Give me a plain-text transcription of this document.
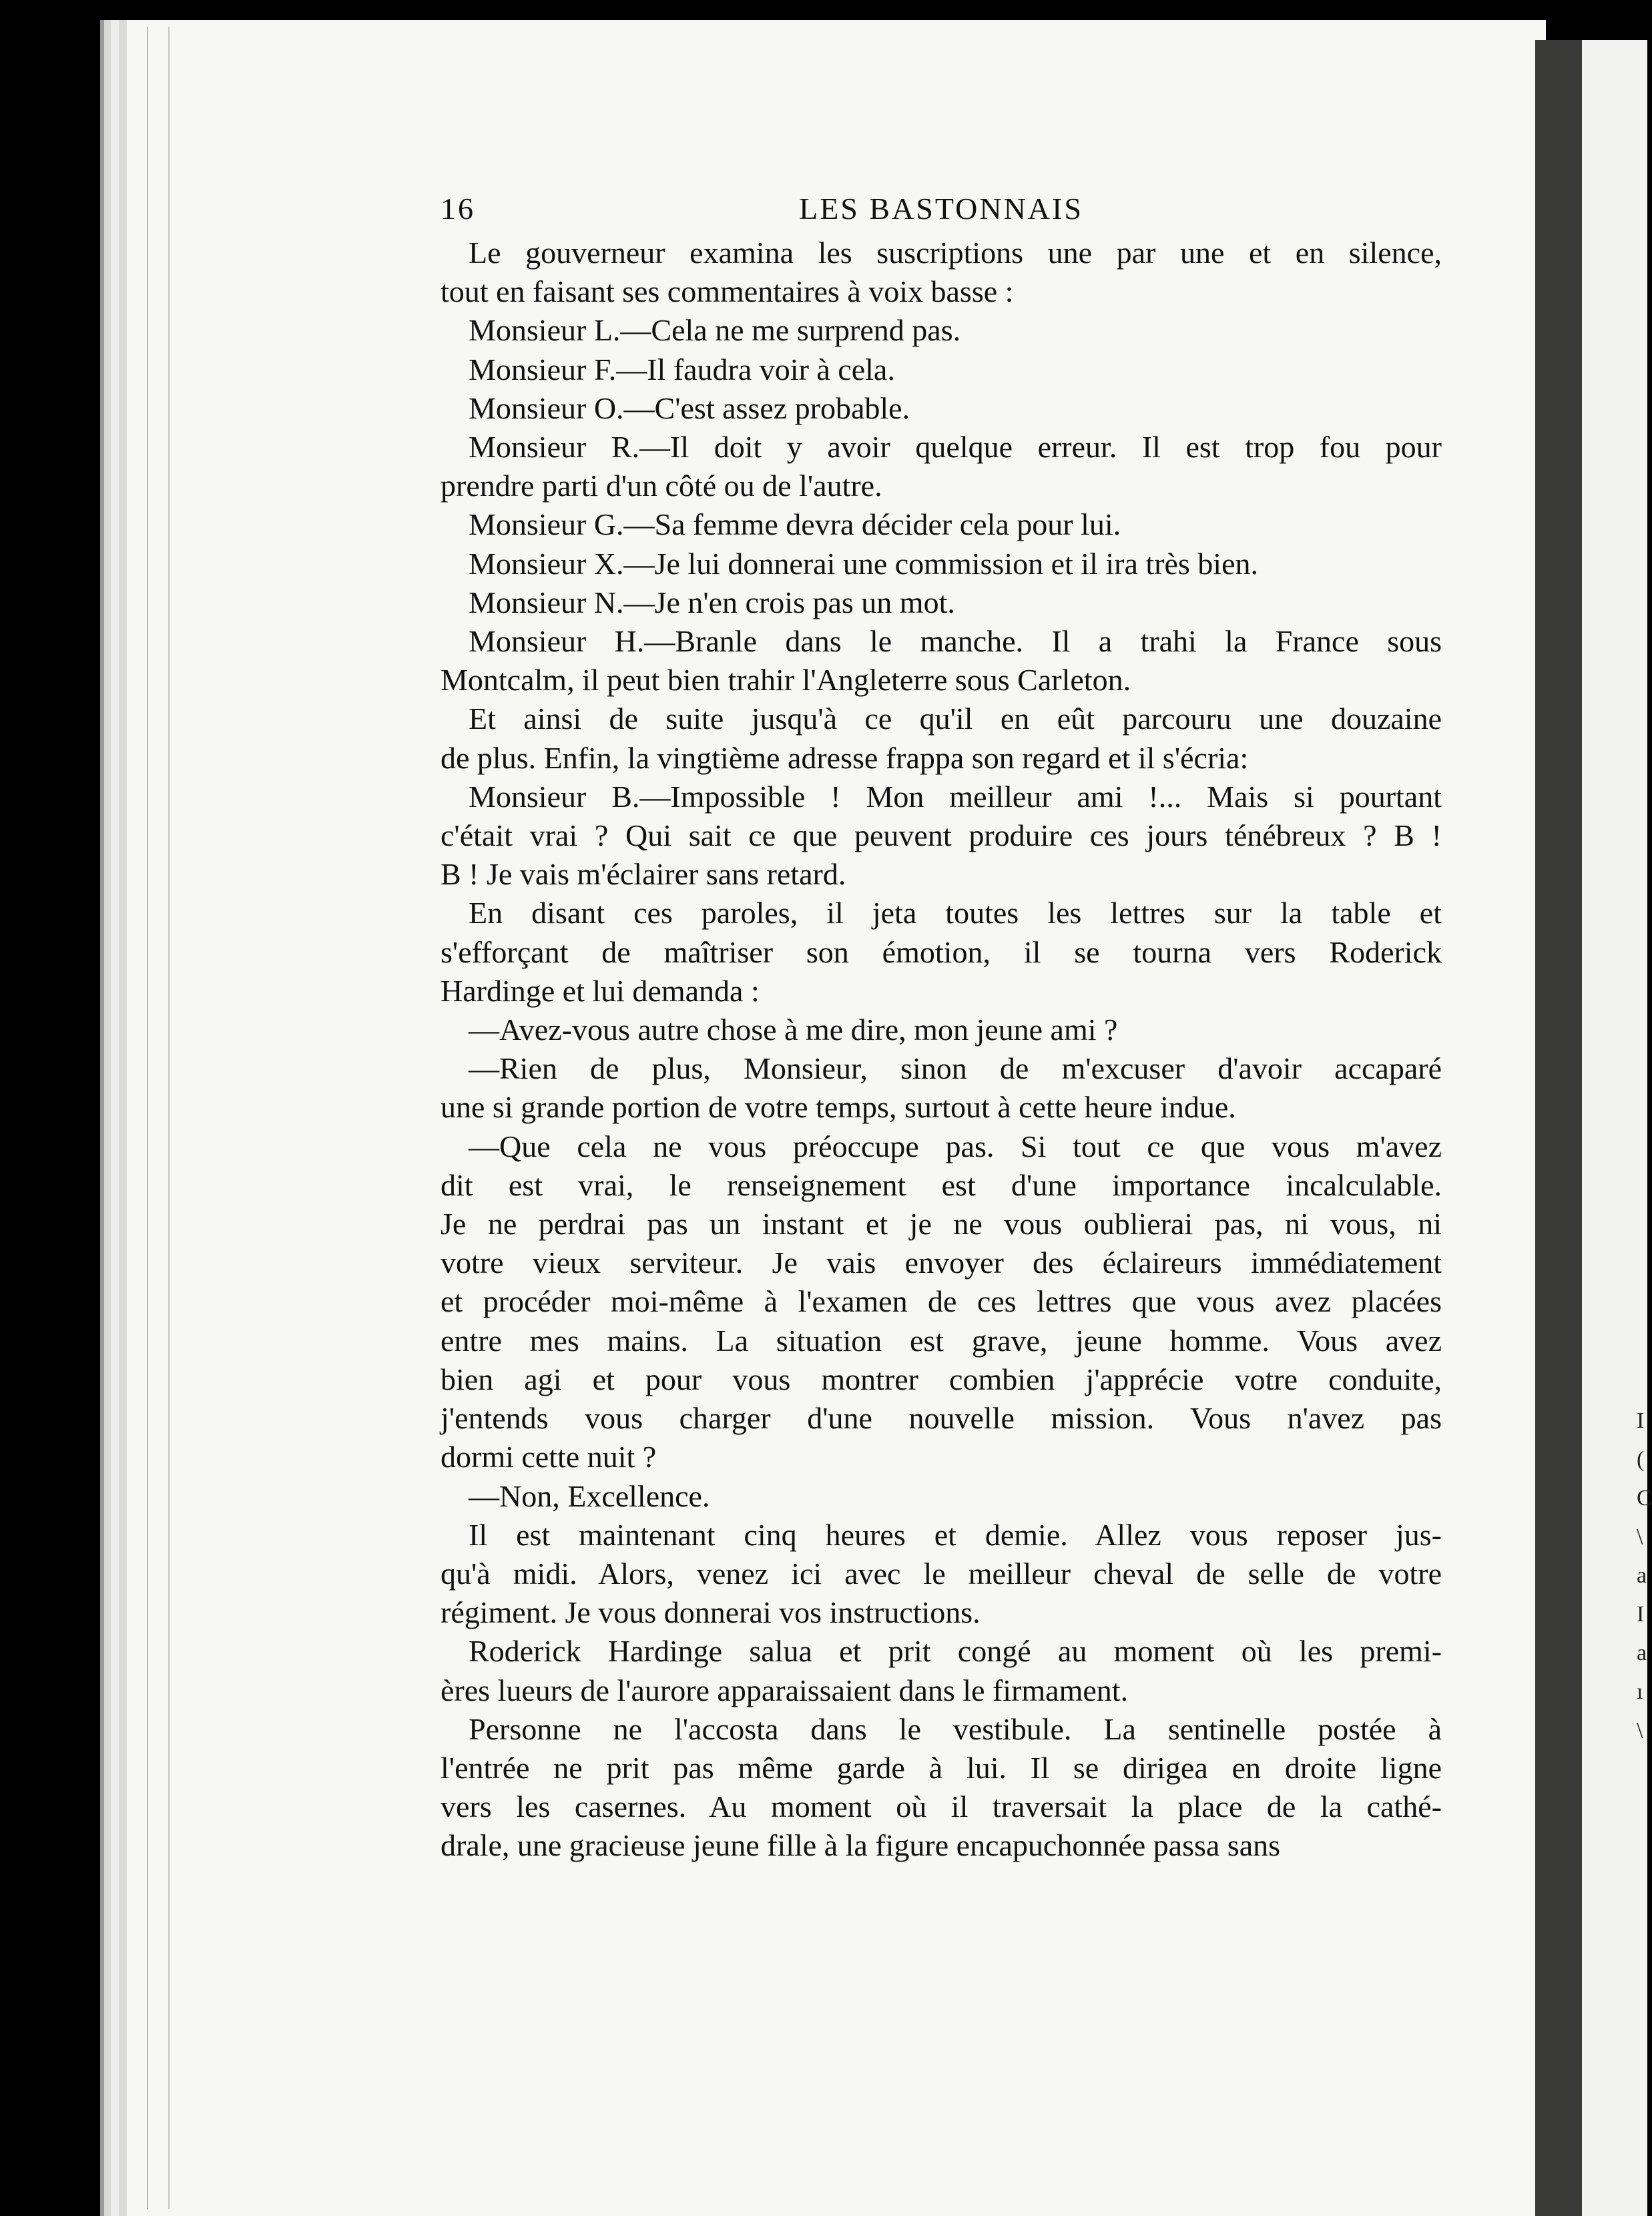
16	LES BASTONNAIS

Le gouverneur examina les suscriptions une par une et en silence,
tout en faisant ses commentaires à voix basse :

Monsieur L.—Cela ne me surprend pas.

Monsieur F.—Il faudra voir à cela.

Monsieur O.—C'est assez probable.

Monsieur R.—Il doit y avoir quelque erreur. Il est trop fou pour
prendre parti d'un côté ou de l'autre.

Monsieur G.—Sa femme devra décider cela pour lui.

Monsieur X.—Je lui donnerai une commission et il ira très bien.

Monsieur N.—Je n'en crois pas un mot.

Monsieur H.—Branle dans le manche. Il a trahi la France sous
Montcalm, il peut bien trahir l'Angleterre sous Carleton.

Et ainsi de suite jusqu'à ce qu'il en eût parcouru une douzaine
de plus. Enfin, la vingtième adresse frappa son regard et il s'écria:

Monsieur B.—Impossible ! Mon meilleur ami !... Mais si pourtant
c'était vrai ? Qui sait ce que peuvent produire ces jours ténébreux ? B !
B ! Je vais m'éclairer sans retard.

En disant ces paroles, il jeta toutes les lettres sur la table et
s'efforçant de maîtriser son émotion, il se tourna vers Roderick
Hardinge et lui demanda :

—Avez-vous autre chose à me dire, mon jeune ami ?

—Rien de plus, Monsieur, sinon de m'excuser d'avoir accaparé
une si grande portion de votre temps, surtout à cette heure indue.

—Que cela ne vous préoccupe pas. Si tout ce que vous m'avez
dit est vrai, le renseignement est d'une importance incalculable.
Je ne perdrai pas un instant et je ne vous oublierai pas, ni vous, ni
votre vieux serviteur. Je vais envoyer des éclaireurs immédiatement
et procéder moi-même à l'examen de ces lettres que vous avez placées
entre mes mains. La situation est grave, jeune homme. Vous avez
bien agi et pour vous montrer combien j'apprécie votre conduite,
j'entends vous charger d'une nouvelle mission. Vous n'avez pas
dormi cette nuit ?

—Non, Excellence.

Il est maintenant cinq heures et demie. Allez vous reposer jus-
qu'à midi. Alors, venez ici avec le meilleur cheval de selle de votre
régiment. Je vous donnerai vos instructions.

Roderick Hardinge salua et prit congé au moment où les premi-
ères lueurs de l'aurore apparaissaient dans le firmament.

Personne ne l'accosta dans le vestibule. La sentinelle postée à
l'entrée ne prit pas même garde à lui. Il se dirigea en droite ligne
vers les casernes. Au moment où il traversait la place de la cathé-
drale, une gracieuse jeune fille à la figure encapuchonnée passa sans

I
(
C
\
a
I
a
ı
\
